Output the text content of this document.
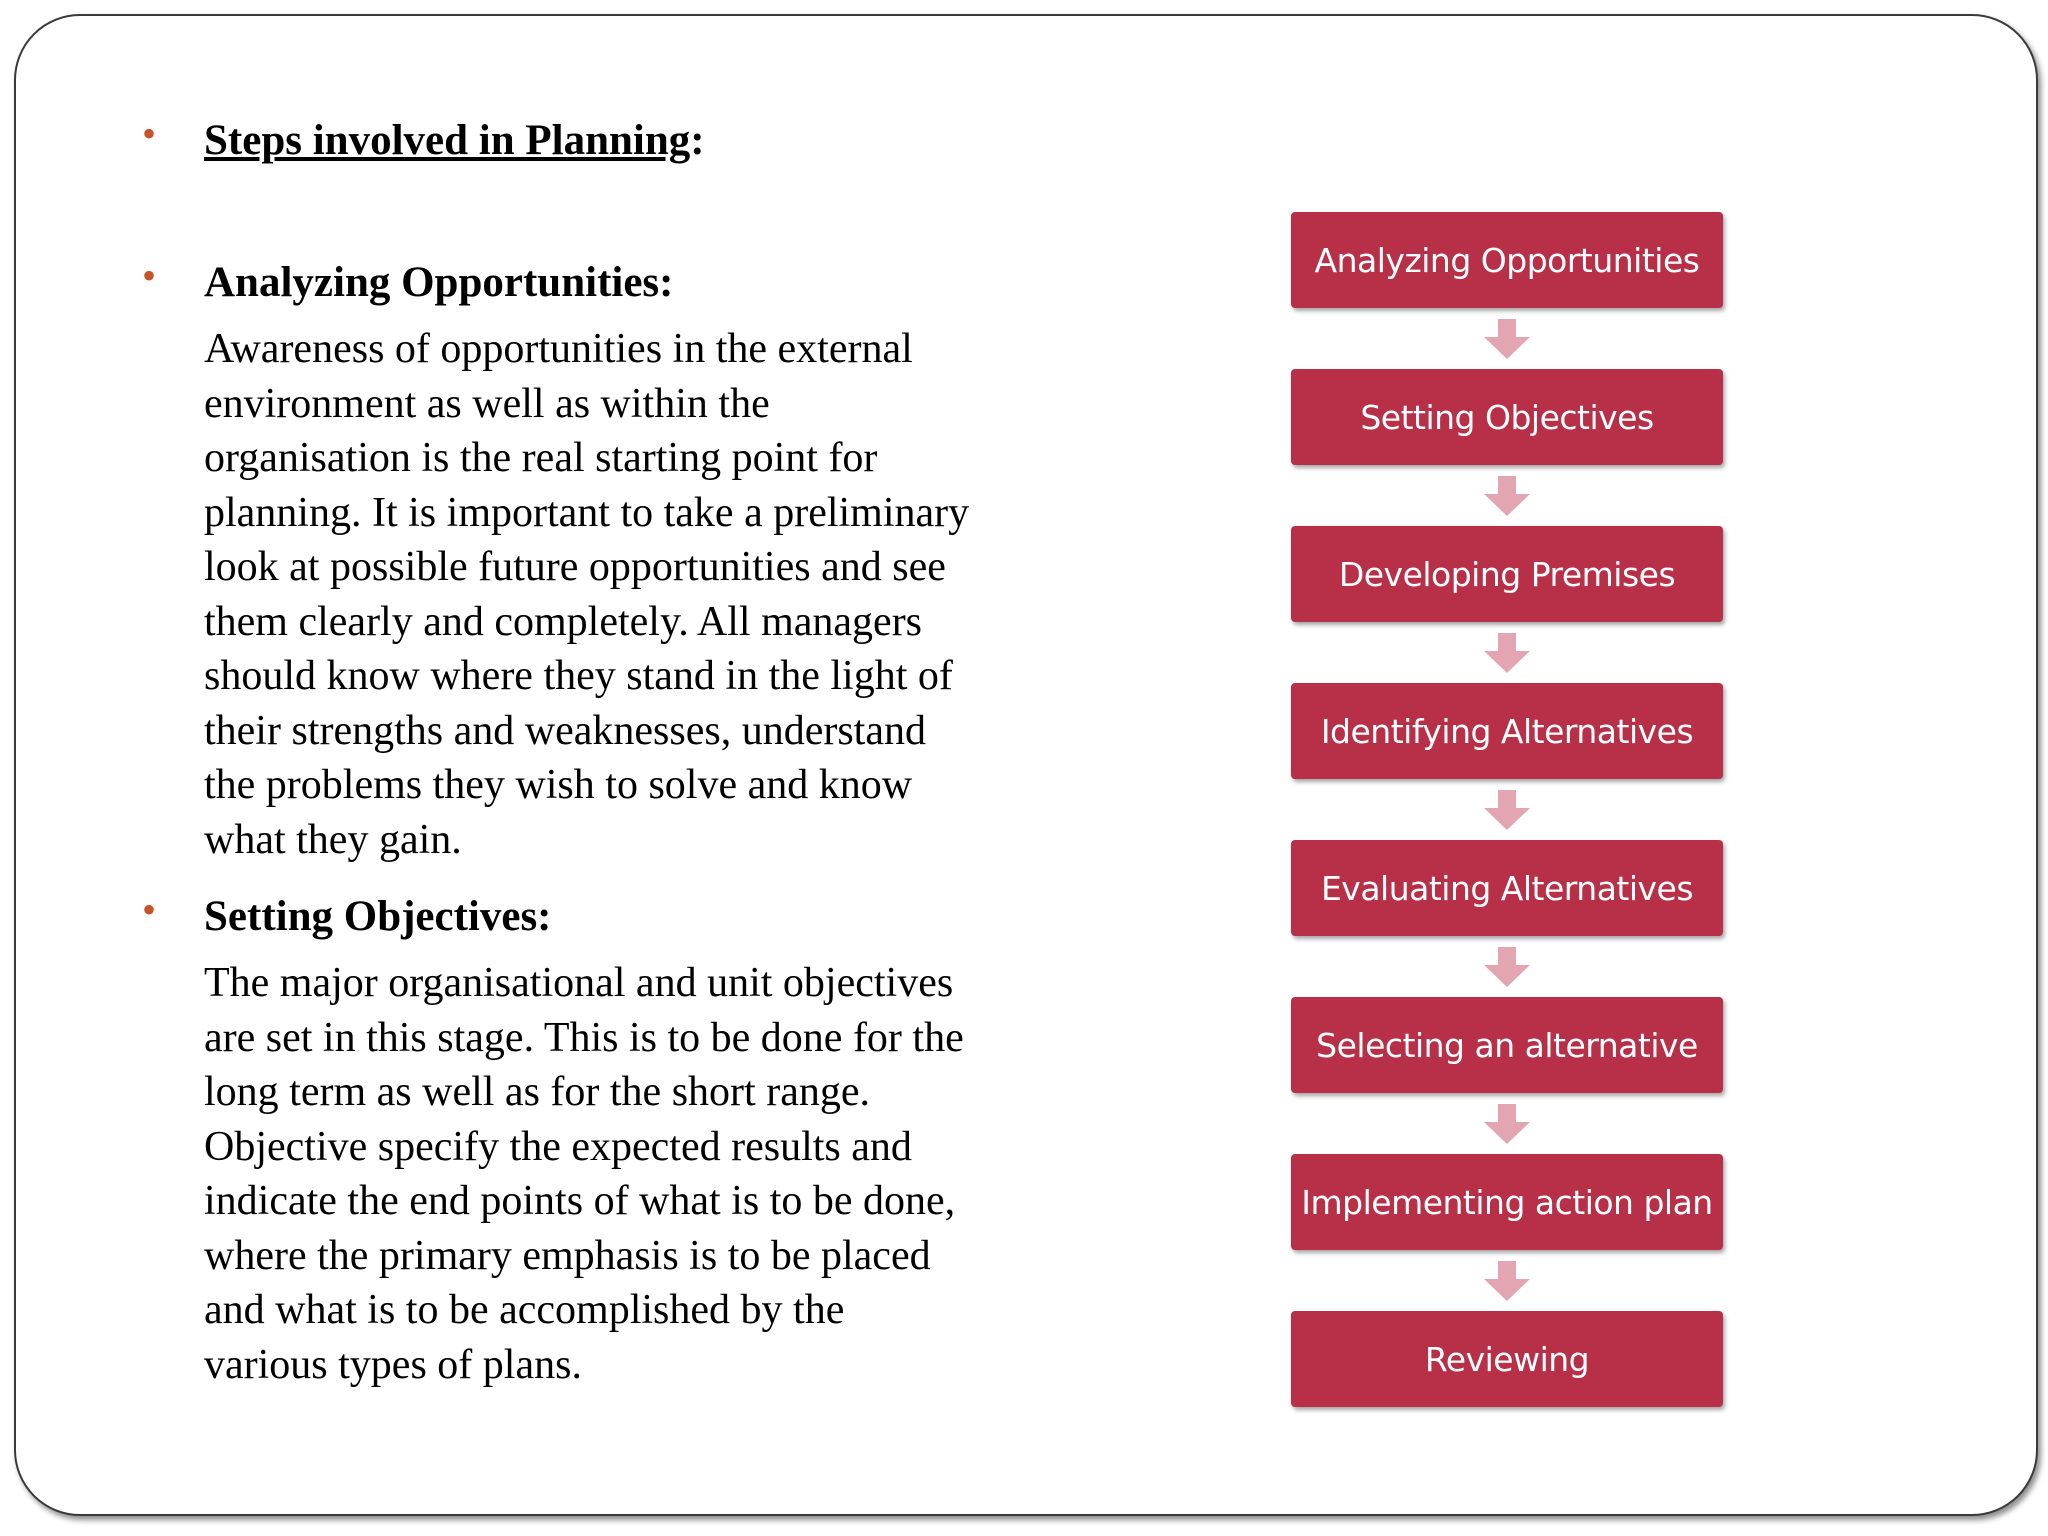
• Steps involved in Planning:
• Analyzing Opportunities:
Awareness of opportunities in the external
environment as well as within the
organisation is the real starting point for
planning. It is important to take a preliminary
look at possible future opportunities and see
them clearly and completely. All managers
should know where they stand in the light of
their strengths and weaknesses, understand
the problems they wish to solve and know
what they gain.
• Setting Objectives:
The major organisational and unit objectives
are set in this stage. This is to be done for the
long term as well as for the short range.
Objective specify the expected results and
indicate the end points of what is to be done,
where the primary emphasis is to be placed
and what is to be accomplished by the
various types of plans.
Analyzing Opportunities
Setting Objectives
Developing Premises
Identifying Alternatives
Evaluating Alternatives
Selecting an alternative
Implementing action plan
Reviewing
